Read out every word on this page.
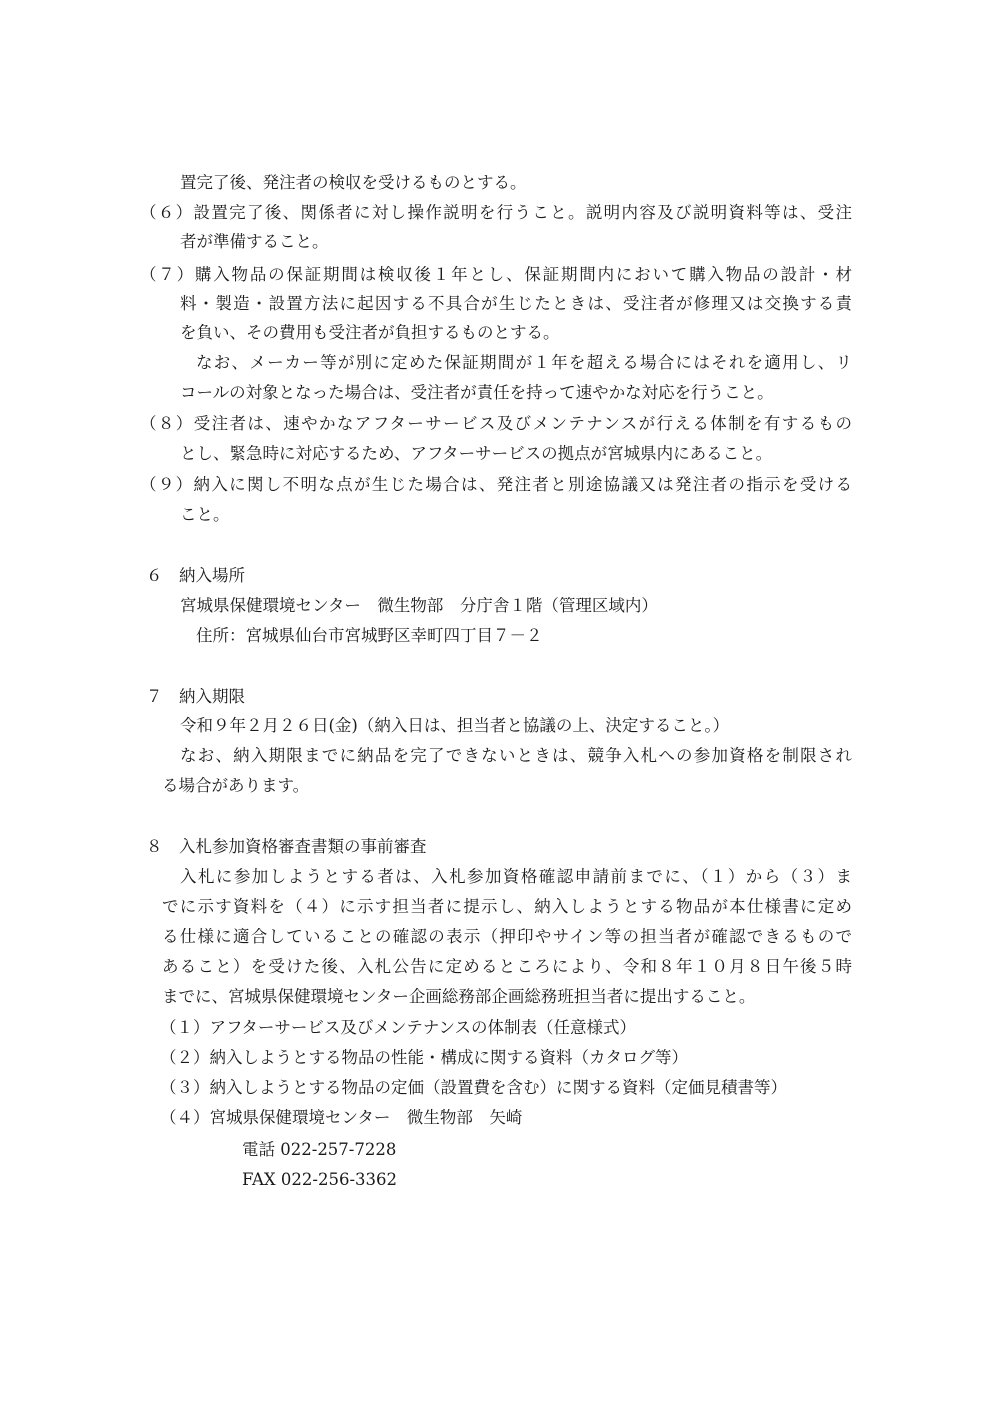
置完了後、発注者の検収を受けるものとする。
（６）設置完了後、関係者に対し操作説明を行うこと。説明内容及び説明資料等は、受注
者が準備すること。
（７）購入物品の保証期間は検収後１年とし、保証期間内において購入物品の設計・材
料・製造・設置方法に起因する不具合が生じたときは、受注者が修理又は交換する責
を負い、その費用も受注者が負担するものとする。
なお、メーカー等が別に定めた保証期間が１年を超える場合にはそれを適用し、リ
コールの対象となった場合は、受注者が責任を持って速やかな対応を行うこと。
（８）受注者は、速やかなアフターサービス及びメンテナンスが行える体制を有するもの
とし、緊急時に対応するため、アフターサービスの拠点が宮城県内にあること。
（９）納入に関し不明な点が生じた場合は、発注者と別途協議又は発注者の指示を受ける
こと。
６　納入場所
宮城県保健環境センター　微生物部　分庁舎１階（管理区域内）
住所：宮城県仙台市宮城野区幸町四丁目７－２
７　納入期限
令和９年２月２６日(金)（納入日は、担当者と協議の上、決定すること。）
なお、納入期限までに納品を完了できないときは、競争入札への参加資格を制限され
る場合があります。
８　入札参加資格審査書類の事前審査
入札に参加しようとする者は、入札参加資格確認申請前までに、（１）から（３）ま
でに示す資料を（４）に示す担当者に提示し、納入しようとする物品が本仕様書に定め
る仕様に適合していることの確認の表示（押印やサイン等の担当者が確認できるもので
あること）を受けた後、入札公告に定めるところにより、令和８年１０月８日午後５時
までに、宮城県保健環境センター企画総務部企画総務班担当者に提出すること。
（１）アフターサービス及びメンテナンスの体制表（任意様式）
（２）納入しようとする物品の性能・構成に関する資料（カタログ等）
（３）納入しようとする物品の定価（設置費を含む）に関する資料（定価見積書等）
（４）宮城県保健環境センター　微生物部　矢崎
電話 022-257-7228
FAX 022-256-3362
